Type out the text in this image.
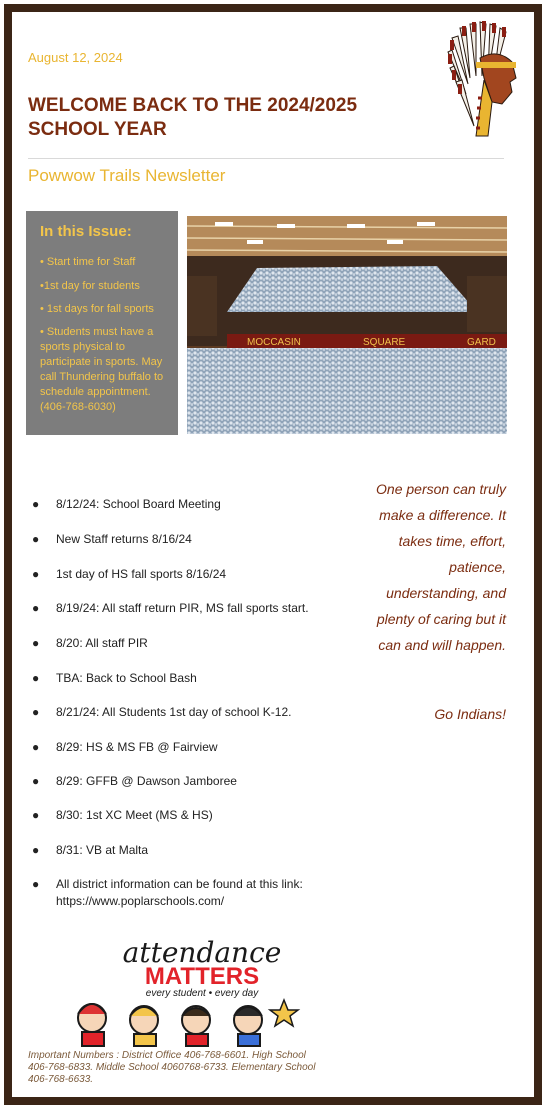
August 12, 2024
WELCOME BACK TO THE 2024/2025 SCHOOL YEAR
Powwow Trails Newsletter
In this Issue:
• Start time for Staff
•1st day for students
• 1st days for fall sports
• Students must have a sports physical to participate in sports. May call Thundering buffalo to schedule appointment. (406-768-6030)
MOCCASIN	SQUARE	GARD
● 8/12/24: School Board Meeting
● New Staff returns 8/16/24
● 1st day of HS fall sports 8/16/24
● 8/19/24: All staff return PIR, MS fall sports start.
● 8/20: All staff PIR
● TBA: Back to School Bash
● 8/21/24: All Students 1st day of school K-12.
● 8/29: HS & MS FB @ Fairview
● 8/29: GFFB @ Dawson Jamboree
● 8/30: 1st XC Meet (MS & HS)
● 8/31: VB at Malta
● All district information can be found at this link: https://www.poplarschools.com/
One person can truly make a difference. It takes time, effort, patience, understanding, and plenty of caring but it can and will happen.
Go Indians!
attendance
MATTERS
every student • every day
Important Numbers : District Office 406-768-6601. High School 406-768-6833. Middle School 4060768-6733. Elementary School 406-768-6633.
